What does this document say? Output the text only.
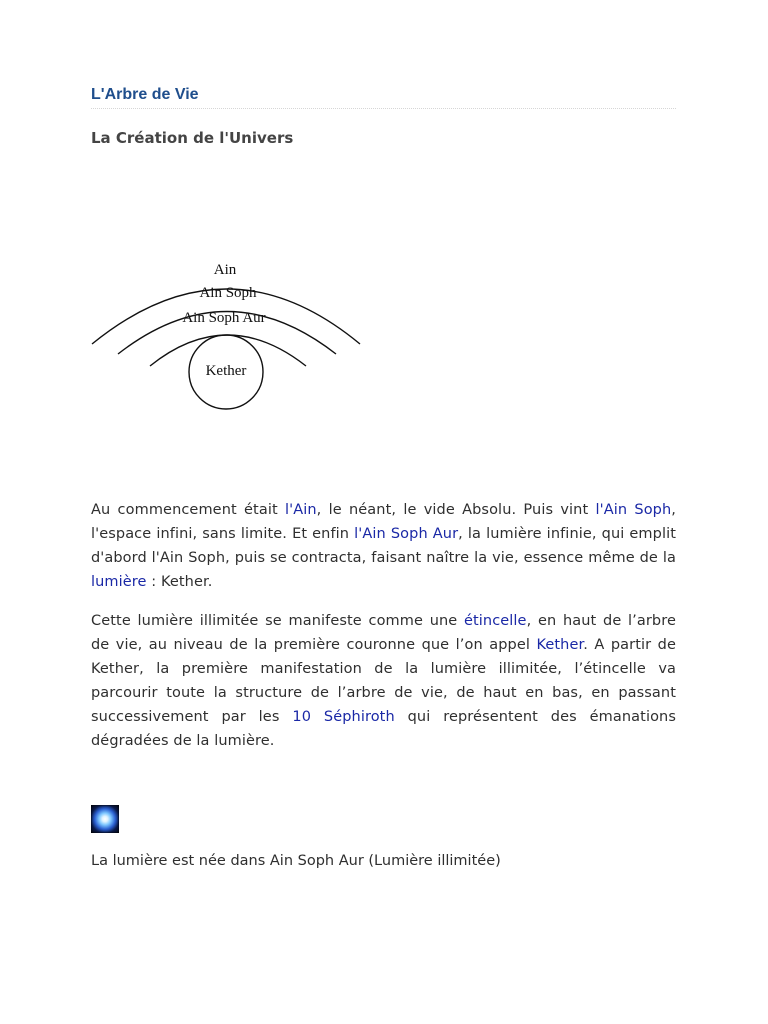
L'Arbre de Vie
La Création de l'Univers
Ain
Ain Soph
Ain Soph Aur
Kether

Au commencement était l'Ain, le néant, le vide Absolu. Puis vint l'Ain Soph, l'espace infini, sans limite. Et enfin l'Ain Soph Aur, la lumière infinie, qui emplit d'abord l'Ain Soph, puis se contracta, faisant naître la vie, essence même de la lumière : Kether.

Cette lumière illimitée se manifeste comme une étincelle, en haut de l’arbre de vie, au niveau de la première couronne que l’on appel Kether. A partir de Kether, la première manifestation de la lumière illimitée, l’étincelle va parcourir toute la structure de l’arbre de vie, de haut en bas, en passant successivement par les 10 Séphiroth qui représentent des émanations dégradées de la lumière.

La lumière est née dans Ain Soph Aur (Lumière illimitée)
